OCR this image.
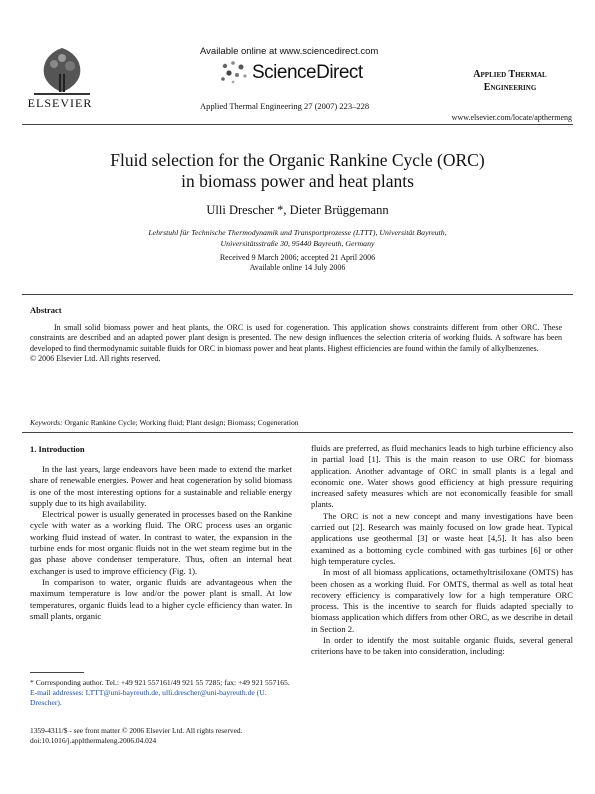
ELSEVIER
Available online at www.sciencedirect.com
ScienceDirect
Applied Thermal Engineering 27 (2007) 223–228
Applied Thermal
Engineering
www.elsevier.com/locate/apthermeng
Fluid selection for the Organic Rankine Cycle (ORC)
in biomass power and heat plants
Ulli Drescher *, Dieter Brüggemann
Lehrstuhl für Technische Thermodynamik und Transportprozesse (LTTT), Universität Bayreuth,
Universitätsstraße 30, 95440 Bayreuth, Germany
Received 9 March 2006; accepted 21 April 2006
Available online 14 July 2006
Abstract

In small solid biomass power and heat plants, the ORC is used for cogeneration. This application shows constraints different from other ORC. These constraints are described and an adapted power plant design is presented. The new design influences the selection criteria of working fluids. A software has been developed to find thermodynamic suitable fluids for ORC in biomass power and heat plants. Highest efficiencies are found within the family of alkylbenzenes.

© 2006 Elsevier Ltd. All rights reserved.
Keywords: Organic Rankine Cycle; Working fluid; Plant design; Biomass; Cogeneration
1. Introduction

In the last years, large endeavors have been made to extend the market share of renewable energies. Power and heat cogeneration by solid biomass is one of the most interesting options for a sustainable and reliable energy supply due to its high availability.

Electrical power is usually generated in processes based on the Rankine cycle with water as a working fluid. The ORC process uses an organic working fluid instead of water. In contrast to water, the expansion in the turbine ends for most organic fluids not in the wet steam regime but in the gas phase above condenser temperature. Thus, often an internal heat exchanger is used to improve efficiency (Fig. 1).

In comparison to water, organic fluids are advantageous when the maximum temperature is low and/or the power plant is small. At low temperatures, organic fluids lead to a higher cycle efficiency than water. In small plants, organic

fluids are preferred, as fluid mechanics leads to high turbine efficiency also in partial load [1]. This is the main reason to use ORC for biomass application. Another advantage of ORC in small plants is a legal and economic one. Water shows good efficiency at high pressure requiring increased safety measures which are not economically feasible for small plants.

The ORC is not a new concept and many investigations have been carried out [2]. Research was mainly focused on low grade heat. Typical applications use geothermal [3] or waste heat [4,5]. It has also been examined as a bottoming cycle combined with gas turbines [6] or other high temperature cycles.

In most of all biomass applications, octamethyltrisiloxane (OMTS) has been chosen as a working fluid. For OMTS, thermal as well as total heat recovery efficiency is comparatively low for a high temperature ORC process. This is the incentive to search for fluids adapted specially to biomass application which differs from other ORC, as we describe in detail in Section 2.

In order to identify the most suitable organic fluids, several general criterions have to be taken into consideration, including:

* Corresponding author. Tel.: +49 921 557161/49 921 55 7285; fax: +49 921 557165.

E-mail addresses: LTTT@uni-bayreuth.de, ulli.drescher@uni-bayreuth.de (U. Drescher).

1359-4311/$ - see front matter © 2006 Elsevier Ltd. All rights reserved.
doi:10.1016/j.applthermaleng.2006.04.024
